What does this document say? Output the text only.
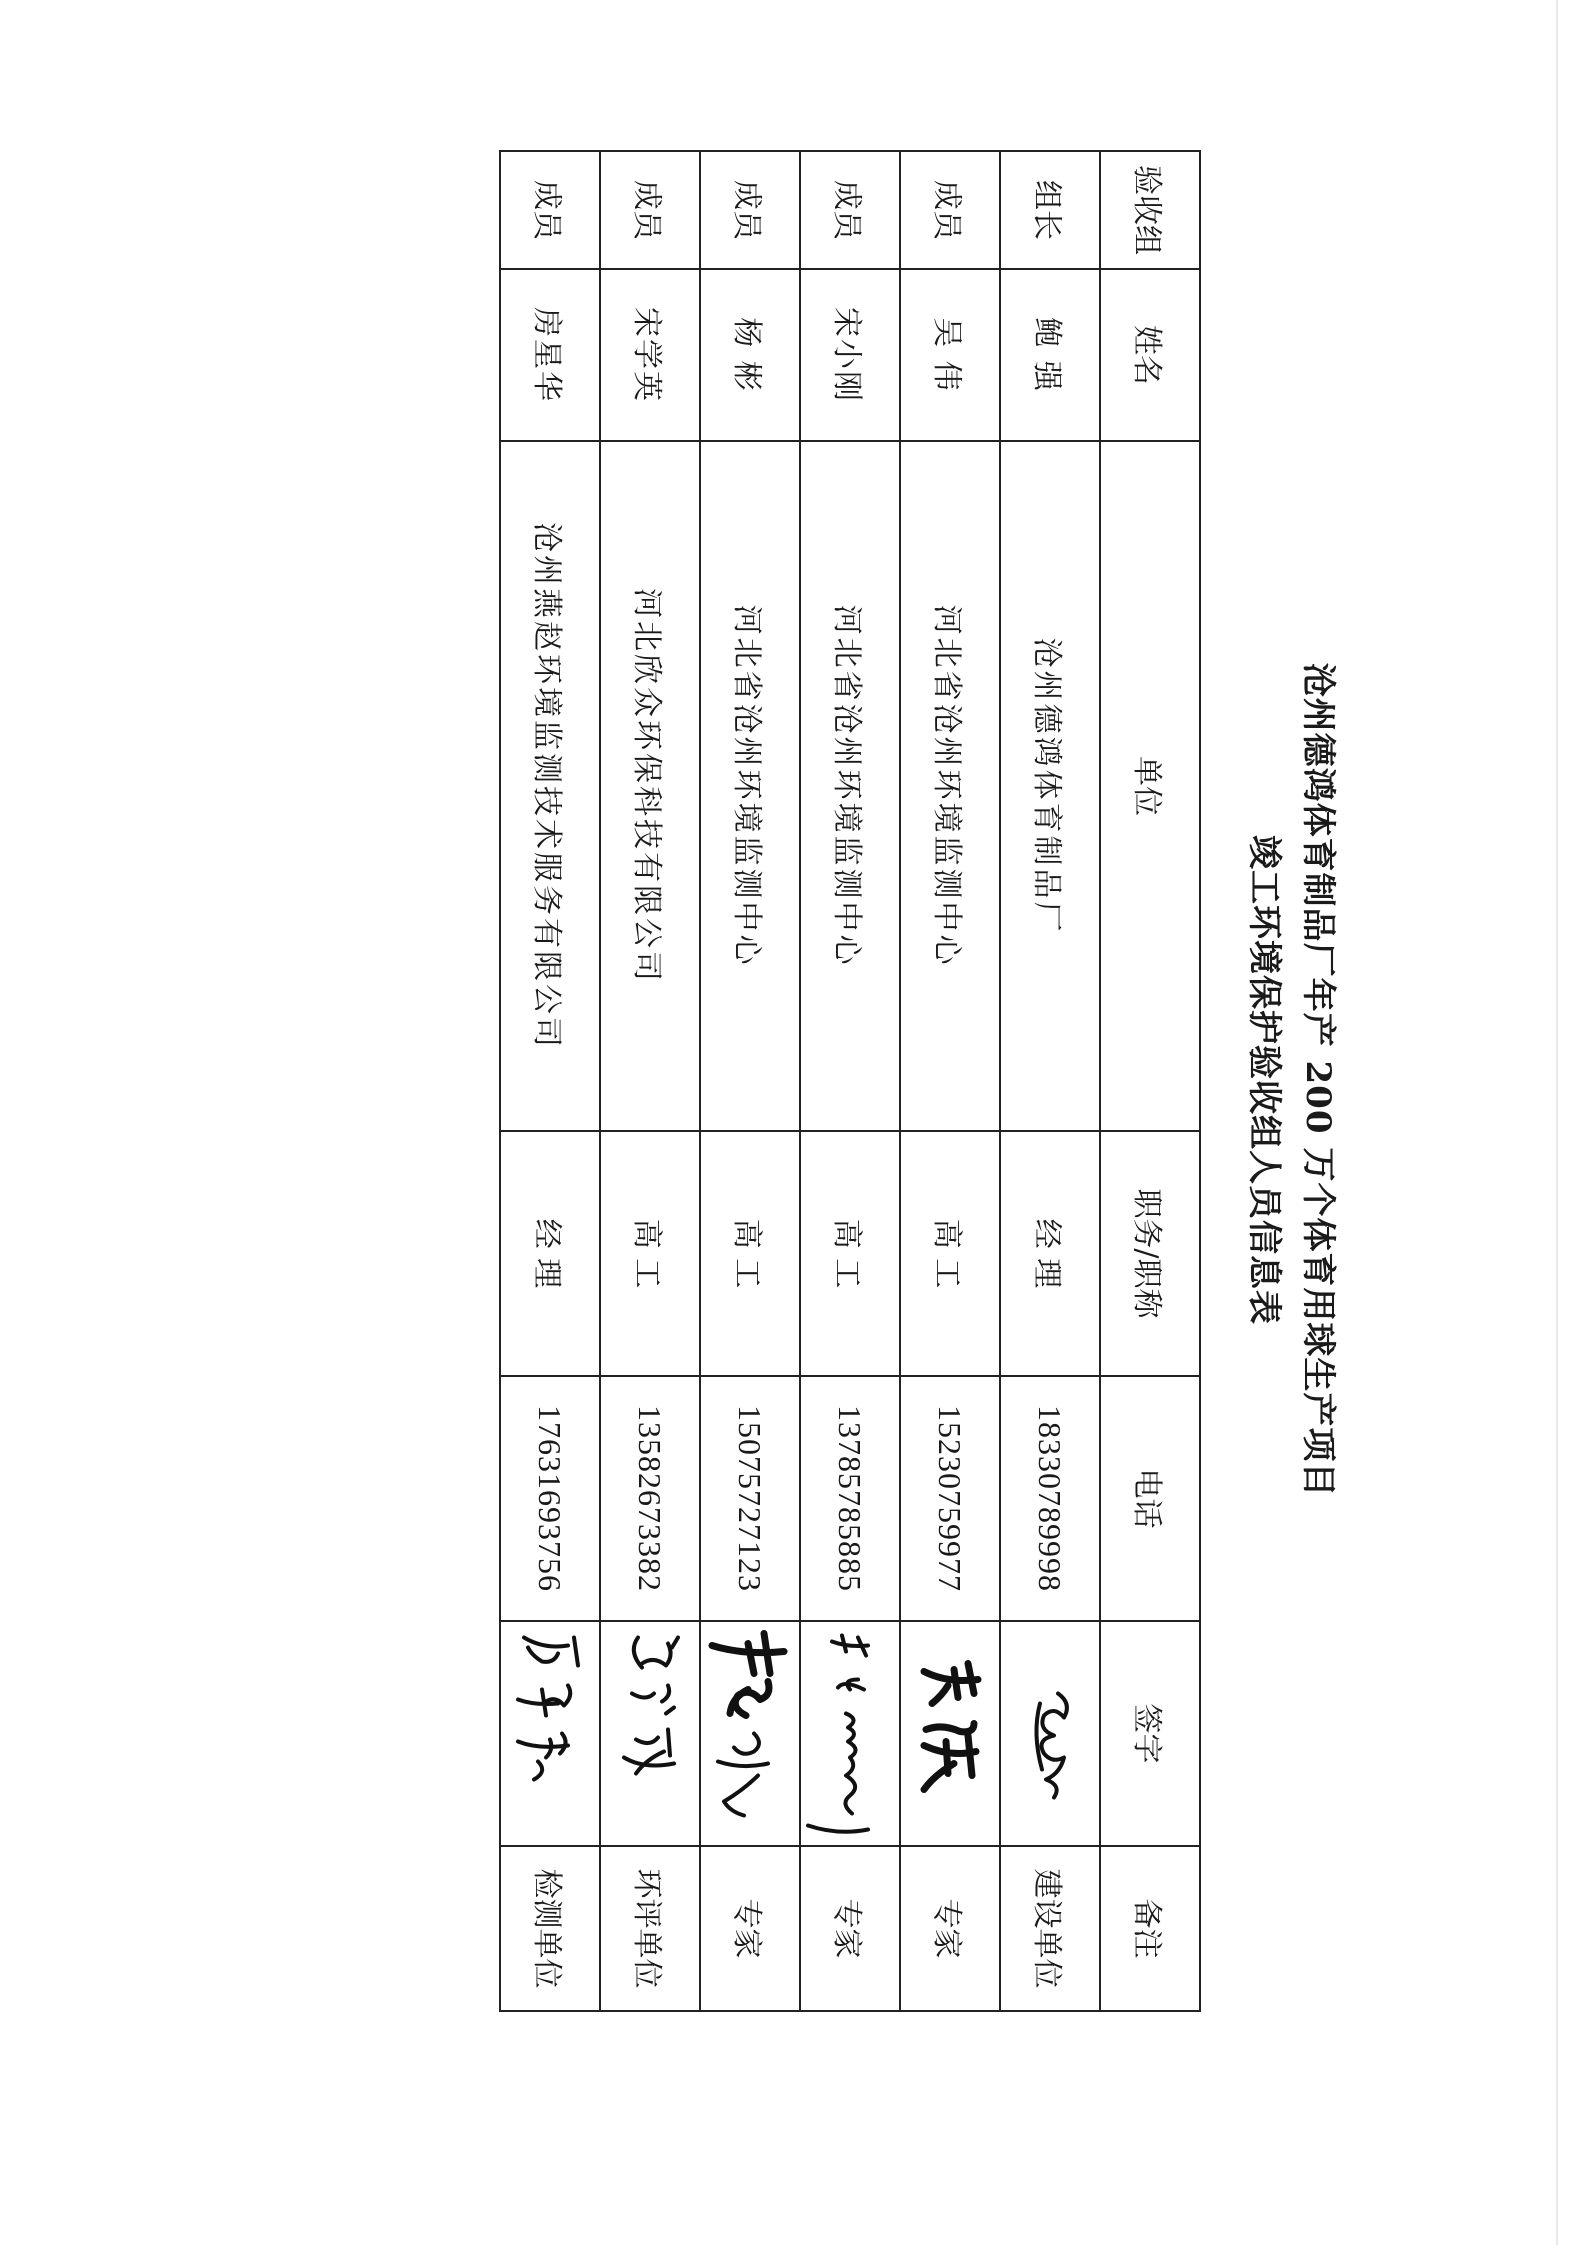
沧州德鸿体育制品厂年产 200 万个体育用球生产项目
竣工环境保护验收组人员信息表
验收组	姓名	单位	职务/职称	电话	签字	备注
组长	鲍 强	沧州德鸿体育制品厂	经 理	18330789998		建设单位
成员	吴 伟	河北省沧州环境监测中心	高 工	15230759977		专家
成员	宋小刚	河北省沧州环境监测中心	高 工	13785785885		专家
成员	杨 彬	河北省沧州环境监测中心	高 工	15075727123		专家
成员	宋学英	河北欣众环保科技有限公司	高 工	13582673382		环评单位
成员	房星华	沧州燕赵环境监测技术服务有限公司	经 理	17631693756		检测单位
